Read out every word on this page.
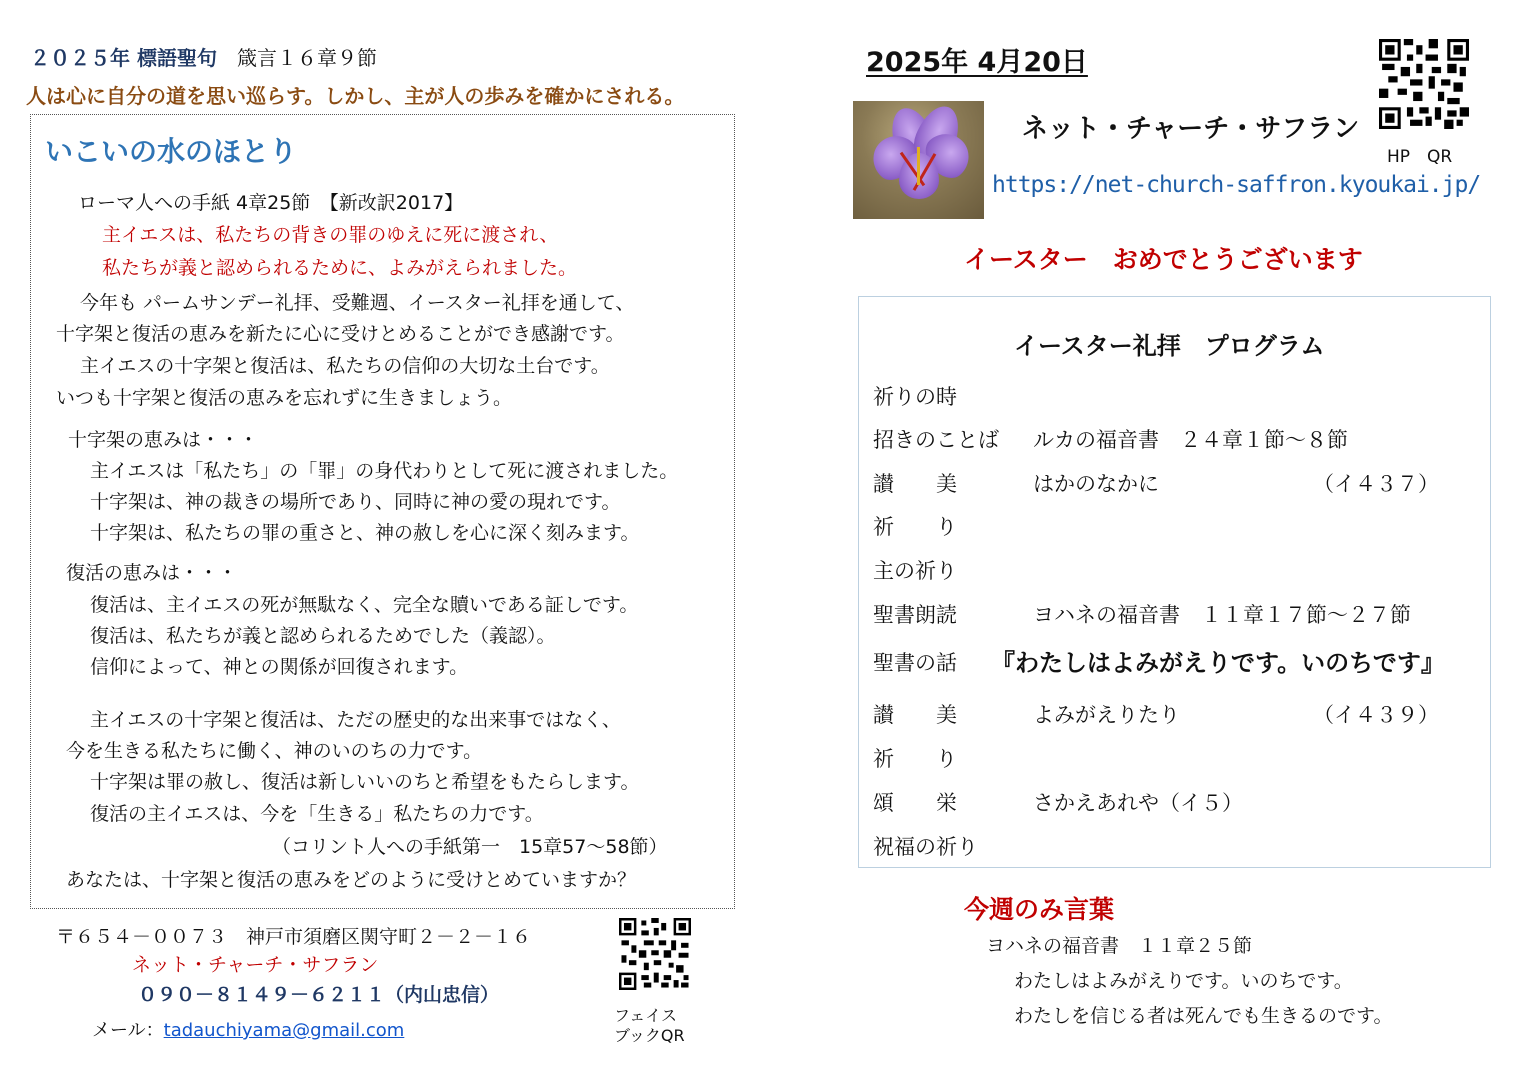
２０２５年 標語聖句　 箴言１６章９節
人は心に自分の道を思い巡らす。しかし、主が人の歩みを確かにされる。
いこいの水のほとり
ローマ人への手紙 4章25節　【新改訳2017】
主イエスは、私たちの背きの罪のゆえに死に渡され、
私たちが義と認められるために、よみがえられました。
今年も パームサンデー礼拝、受難週、イースター礼拝を通して、
十字架と復活の恵みを新たに心に受けとめることができ感謝です。
主イエスの十字架と復活は、私たちの信仰の大切な土台です。
いつも十字架と復活の恵みを忘れずに生きましょう。
十字架の恵みは・・・
主イエスは「私たち」の「罪」の身代わりとして死に渡されました。
十字架は、神の裁きの場所であり、同時に神の愛の現れです。
十字架は、私たちの罪の重さと、神の赦しを心に深く刻みます。
復活の恵みは・・・
復活は、主イエスの死が無駄なく、完全な贖いである証しです。
復活は、私たちが義と認められるためでした（義認）。
信仰によって、神との関係が回復されます。
主イエスの十字架と復活は、ただの歴史的な出来事ではなく、
今を生きる私たちに働く、神のいのちの力です。
十字架は罪の赦し、復活は新しいいのちと希望をもたらします。
復活の主イエスは、今を「生きる」私たちの力です。
（コリント人への手紙第一　15章57～58節）
あなたは、十字架と復活の恵みをどのように受けとめていますか？
〒６５４－００７３　神戸市須磨区関守町２－２－１６
ネット・チャーチ・サフラン
０９０－８１４９－６２１１（内山忠信）
メール：tadauchiyama@gmail.com
フェイス
ブックQR
2025年 4月20日
ネット・チャーチ・サフラン
https://net-church-saffron.kyoukai.jp/
HP　QR
イースター　おめでとうございます
イースター礼拝　プログラム
祈りの時
招きのことば ルカの福音書　２４章１節～８節
讃　　美	はかのなかに	（イ４３７）
祈　　り
主の祈り
聖書朗読	ヨハネの福音書　１１章１７節～２７節
聖書の話 『わたしはよみがえりです。いのちです』
讃　　美	よみがえりたり	（イ４３９）
祈　　り
頌　　栄	さかえあれや（イ５）
祝福の祈り
今週のみ言葉
ヨハネの福音書　１１章２５節
わたしはよみがえりです。いのちです。
わたしを信じる者は死んでも生きるのです。
